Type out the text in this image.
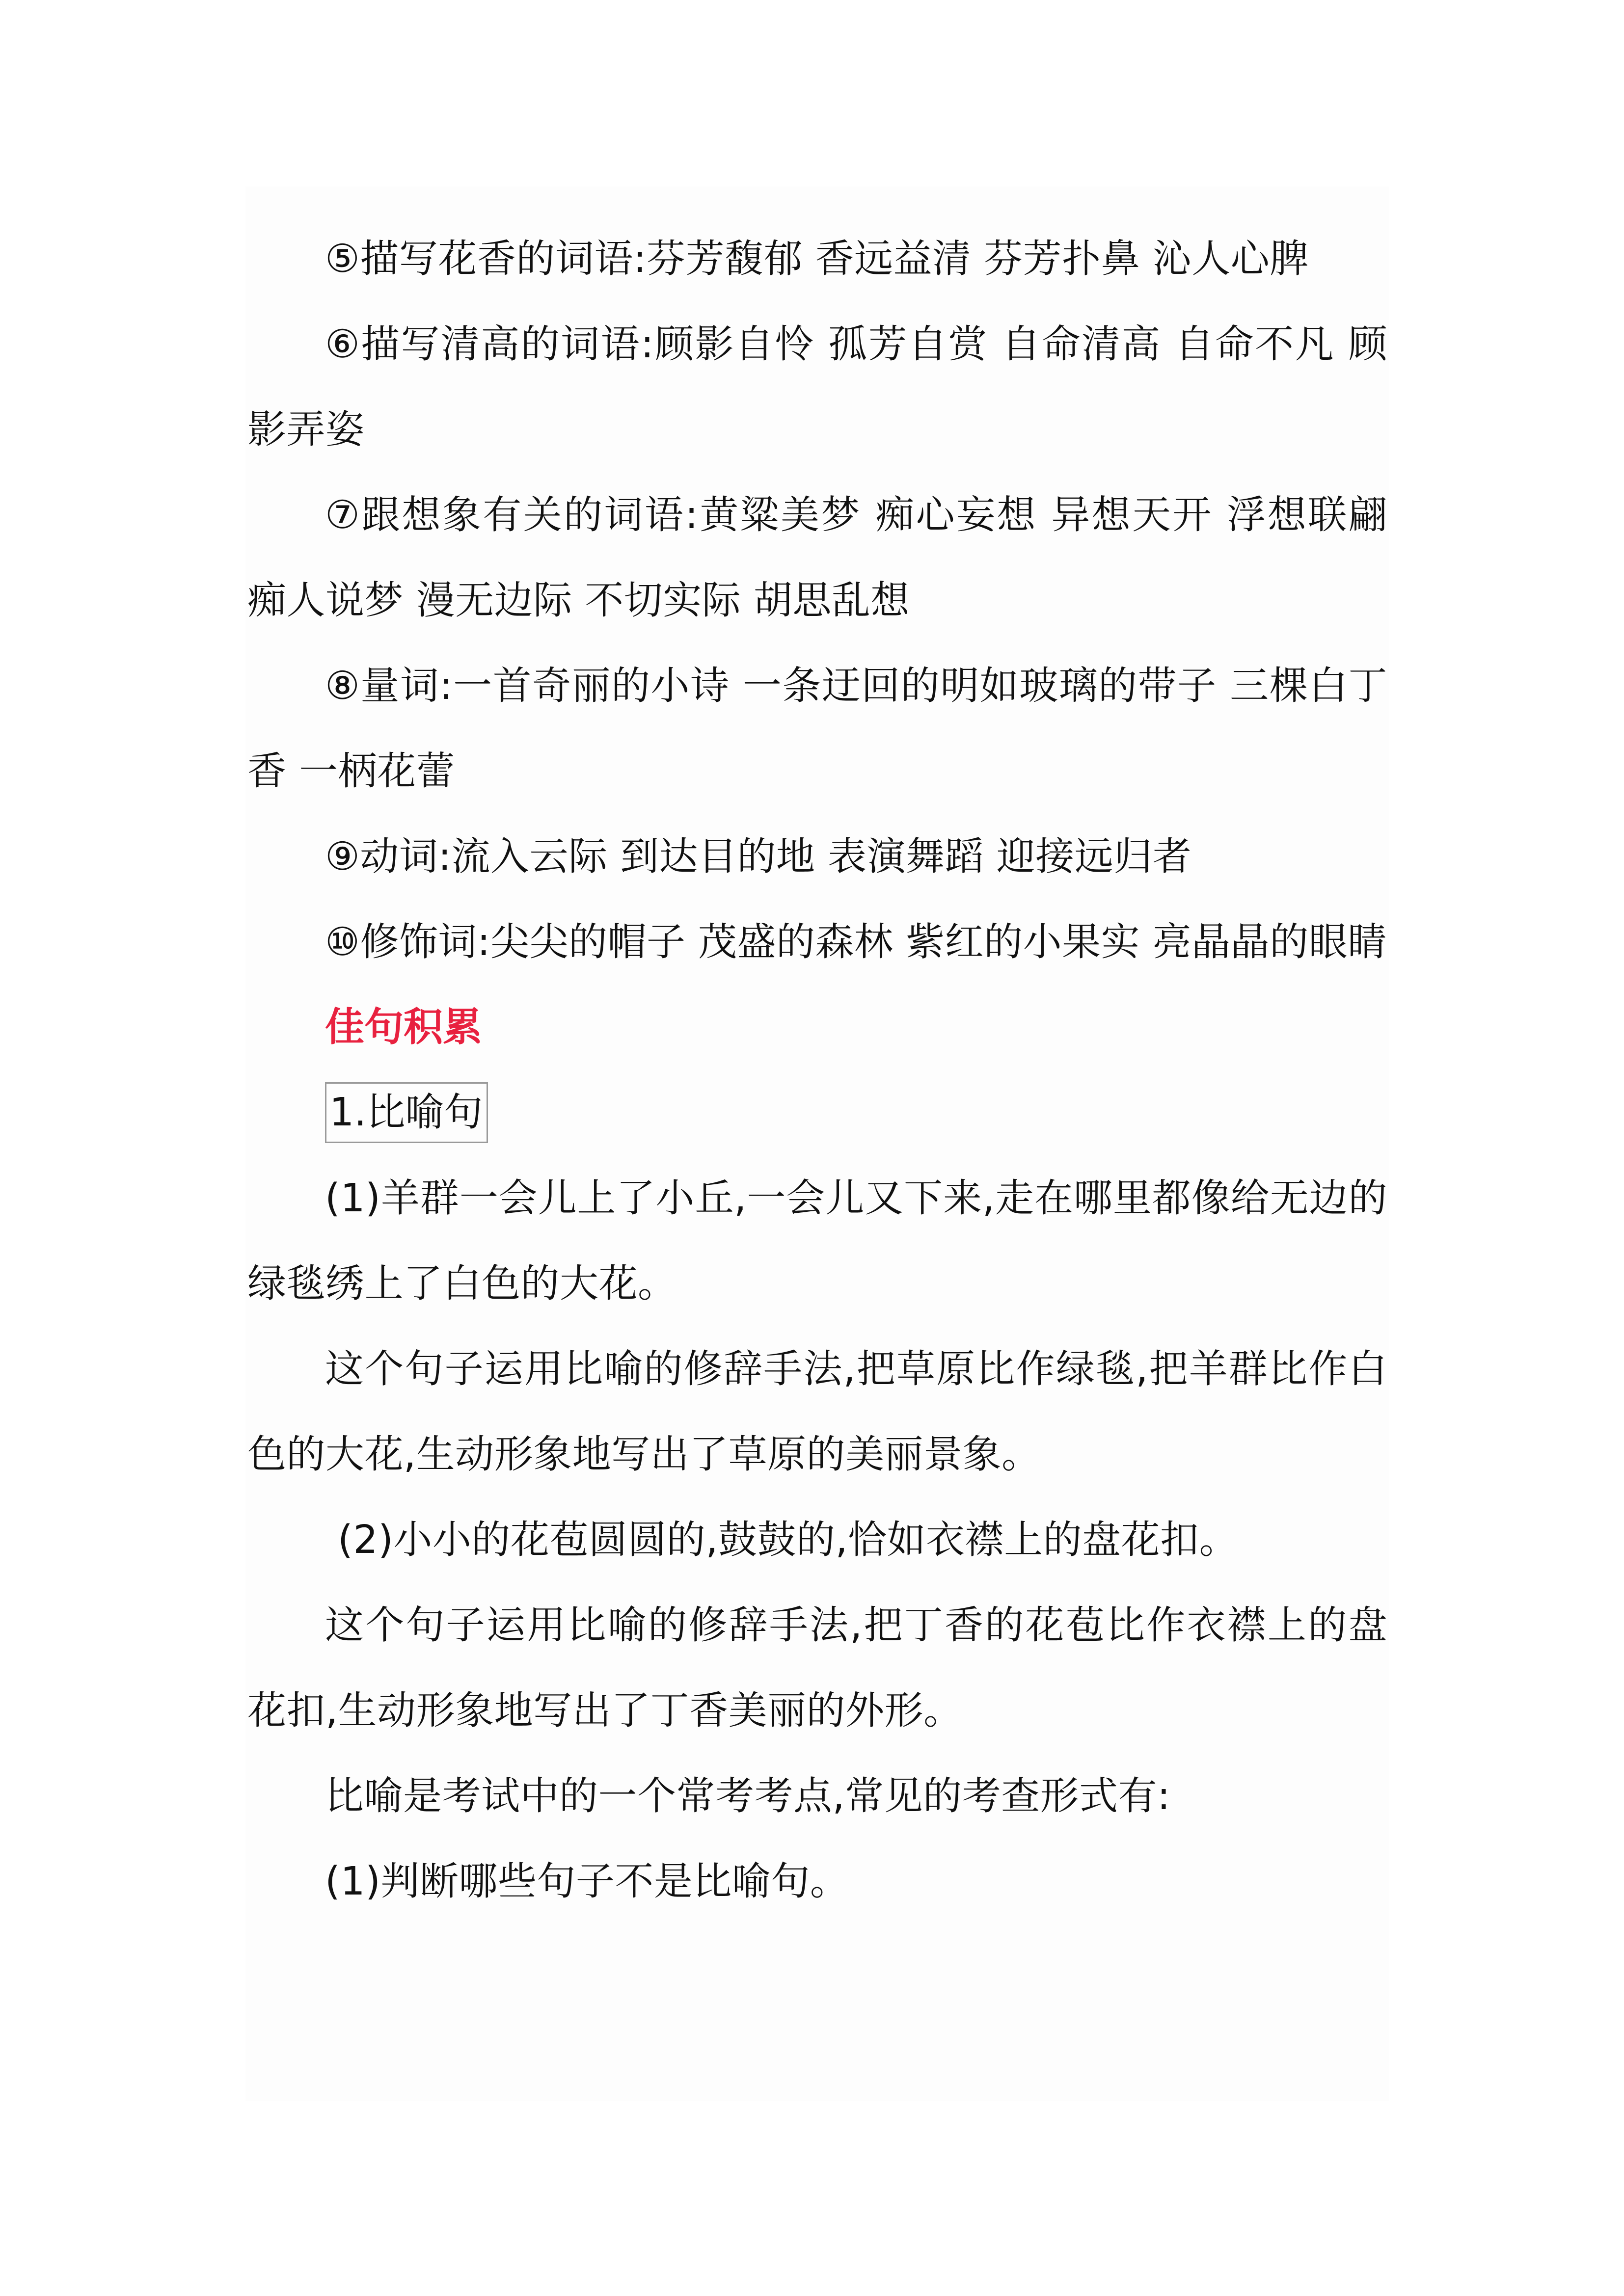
⑤描写花香的词语:芬芳馥郁 香远益清 芬芳扑鼻 沁人心脾

⑥描写清高的词语:顾影自怜 孤芳自赏 自命清高 自命不凡 顾影弄姿

⑦跟想象有关的词语:黄粱美梦 痴心妄想 异想天开 浮想联翩 痴人说梦 漫无边际 不切实际 胡思乱想

⑧量词:一首奇丽的小诗 一条迂回的明如玻璃的带子 三棵白丁香 一柄花蕾

⑨动词:流入云际 到达目的地 表演舞蹈 迎接远归者

⑩修饰词:尖尖的帽子 茂盛的森林 紫红的小果实 亮晶晶的眼睛

佳句积累

1.比喻句

(1)羊群一会儿上了小丘,一会儿又下来,走在哪里都像给无边的绿毯绣上了白色的大花。

这个句子运用比喻的修辞手法,把草原比作绿毯,把羊群比作白色的大花,生动形象地写出了草原的美丽景象。

(2)小小的花苞圆圆的,鼓鼓的,恰如衣襟上的盘花扣。

这个句子运用比喻的修辞手法,把丁香的花苞比作衣襟上的盘花扣,生动形象地写出了丁香美丽的外形。

比喻是考试中的一个常考考点,常见的考查形式有:

(1)判断哪些句子不是比喻句。
